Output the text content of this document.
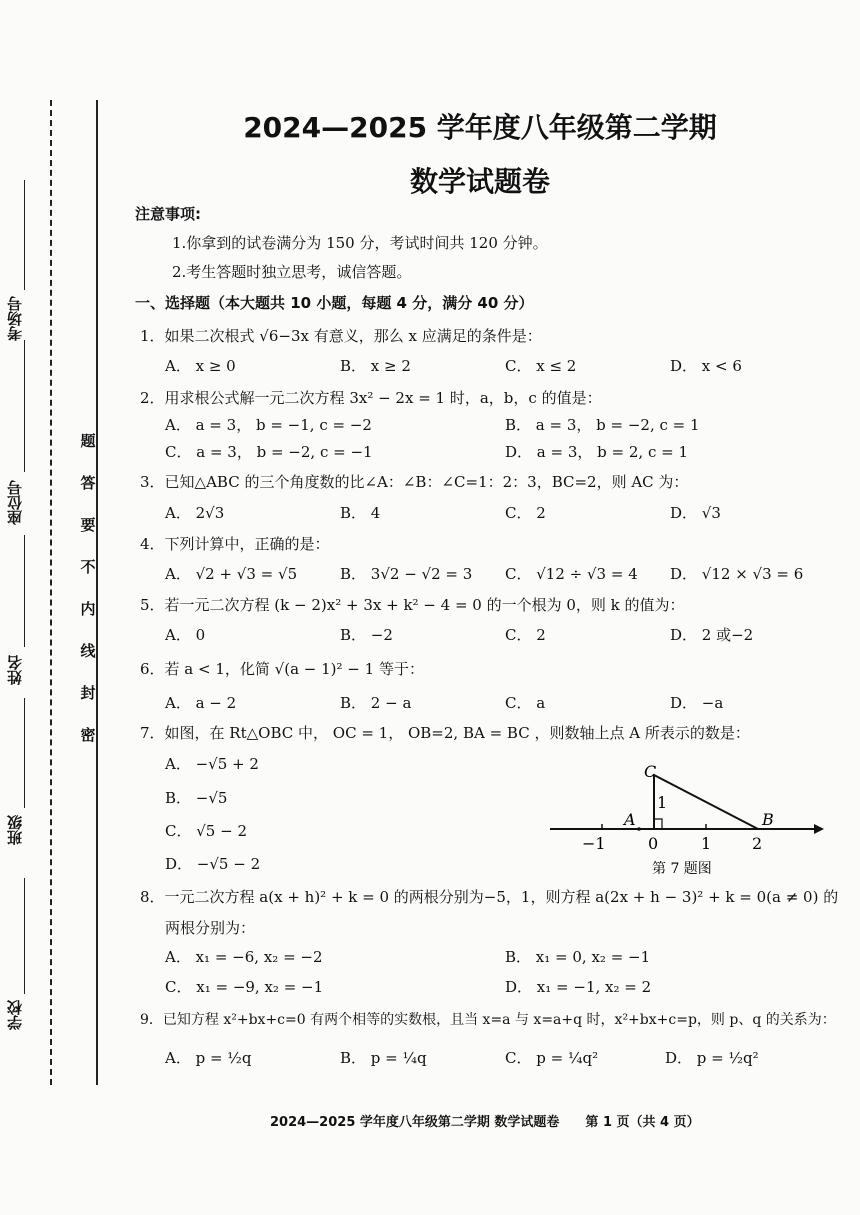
考场号
座位号
姓名
班级
学校
题
答
要
不
内
线
封
密
2024—2025 学年度八年级第二学期
数学试题卷
注意事项:
1.你拿到的试卷满分为 150 分，考试时间共 120 分钟。
2.考生答题时独立思考，诚信答题。
一、选择题（本大题共 10 小题，每题 4 分，满分 40 分）
1．如果二次根式 √6−3x 有意义，那么 x 应满足的条件是：
A． x ≥ 0	B． x ≥ 2	C． x ≤ 2	D． x < 6
2．用求根公式解一元二次方程 3x² − 2x = 1 时，a，b，c 的值是：
A． a = 3， b = −1, c = −2	B． a = 3， b = −2, c = 1
C． a = 3， b = −2, c = −1	D． a = 3， b = 2, c = 1
3．已知△ABC 的三个角度数的比∠A：∠B：∠C=1：2：3，BC=2，则 AC 为：
A． 2√3	B． 4	C． 2	D． √3
4．下列计算中，正确的是：
A． √2 + √3 = √5	B． 3√2 − √2 = 3 C． √12 ÷ √3 = 4 D． √12 × √3 = 6
5．若一元二次方程 (k − 2)x² + 3x + k² − 4 = 0 的一个根为 0，则 k 的值为：
A． 0	B． −2	C． 2	D． 2 或−2
6．若 a < 1，化简 √(a − 1)² − 1 等于：
A． a − 2	B． 2 − a	C． a	D． −a
7．如图，在 Rt△OBC 中， OC = 1， OB=2, BA = BC ，则数轴上点 A 所表示的数是：
A． −√5 + 2
B． −√5
C． √5 − 2
D． −√5 − 2
C
1
A	B
−1	0	1	2
第 7 题图
8．一元二次方程 a(x + h)² + k = 0 的两根分别为−5，1，则方程 a(2x + h − 3)² + k = 0(a ≠ 0) 的
两根分别为：
A． x₁ = −6, x₂ = −2	B． x₁ = 0, x₂ = −1
C． x₁ = −9, x₂ = −1	D． x₁ = −1, x₂ = 2
9．已知方程 x²+bx+c=0 有两个相等的实数根，且当 x=a 与 x=a+q 时，x²+bx+c=p，则 p、q 的关系为：
A． p = ½q	B． p = ¼q	C． p = ¼q²	D． p = ½q²
2024—2025 学年度八年级第二学期 数学试题卷　　第 1 页（共 4 页）
